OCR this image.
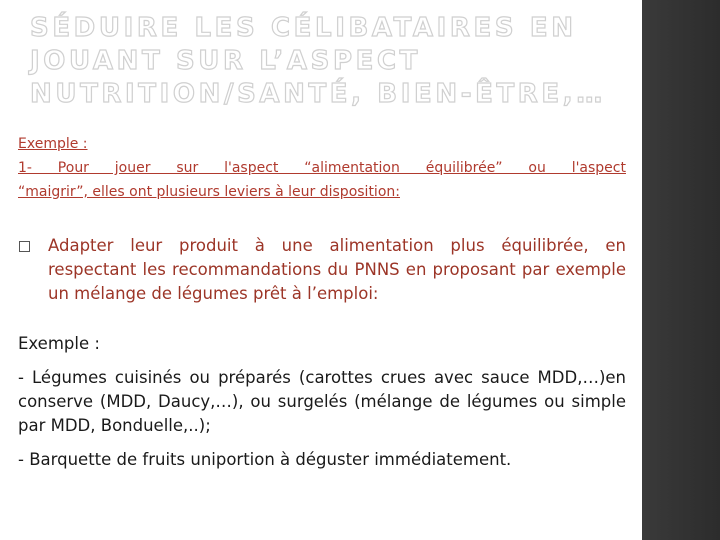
SÉDUIRE LES CÉLIBATAIRES EN JOUANT SUR L’ASPECT NUTRITION/SANTÉ, BIEN-ÊTRE,…

Exemple :

1- Pour jouer sur l'aspect “alimentation équilibrée” ou l'aspect

“maigrir”, elles ont plusieurs leviers à leur disposition:

Adapter leur produit à une alimentation plus équilibrée, en respectant les recommandations du PNNS en proposant par exemple un mélange de légumes prêt à l’emploi:

Exemple :

- Légumes cuisinés ou préparés (carottes crues avec sauce MDD,…)en conserve (MDD, Daucy,…), ou surgelés (mélange de légumes ou simple par MDD, Bonduelle,..);

- Barquette de fruits uniportion à déguster immédiatement.
